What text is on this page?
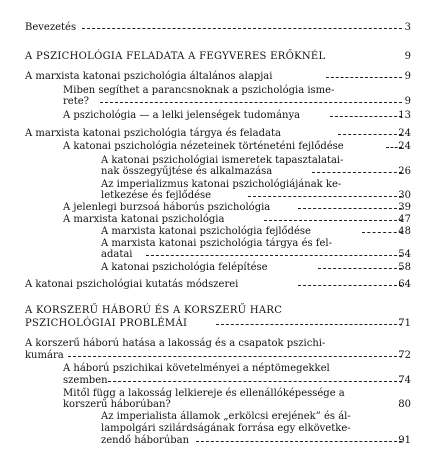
Bevezetés	3
A PSZICHOLÓGIA FELADATA A FEGYVERES ERŐKNÉL	9
A marxista katonai pszichológia általános alapjai	9
Miben segíthet a parancsnoknak a pszichológia isme-
rete?	9
A pszichológia — a lelki jelenségek tudománya	13
A marxista katonai pszichológia tárgya és feladata	24
A katonai pszichológia nézeteinek történeténi fejlődése	24
A katonai pszichológiai ismeretek tapasztalatai-
nak összegyűjtése és alkalmazása	26
Az imperializmus katonai pszichológiájának ke-
letkezése és fejlődése	30
A jelenlegi burzsoá háborús pszichológia	39
A marxista katonai pszichológia	47
A marxista katonai pszichológia fejlődése	48
A marxista katonai pszichológia tárgya és fel-
adatai	54
A katonai pszichológia felépítése	58
A katonai pszichológiai kutatás módszerei	64
A KORSZERŰ HÁBORÚ ÉS A KORSZERŰ HARC
PSZICHOLÓGIAI PROBLÉMÁI	71
A korszerű háború hatása a lakosság és a csapatok pszichi-
kumára	72
A háború pszichikai követelményei a néptömegekkel
szemben	74
Mitől függ a lakosság lelkiereje és ellenállóképessége a
korszerű háborúban?	80
Az imperialista államok „erkölcsi erejének” és ál-
lampolgári szilárdságának forrása egy elkövetke-
zendő háborúban	91
